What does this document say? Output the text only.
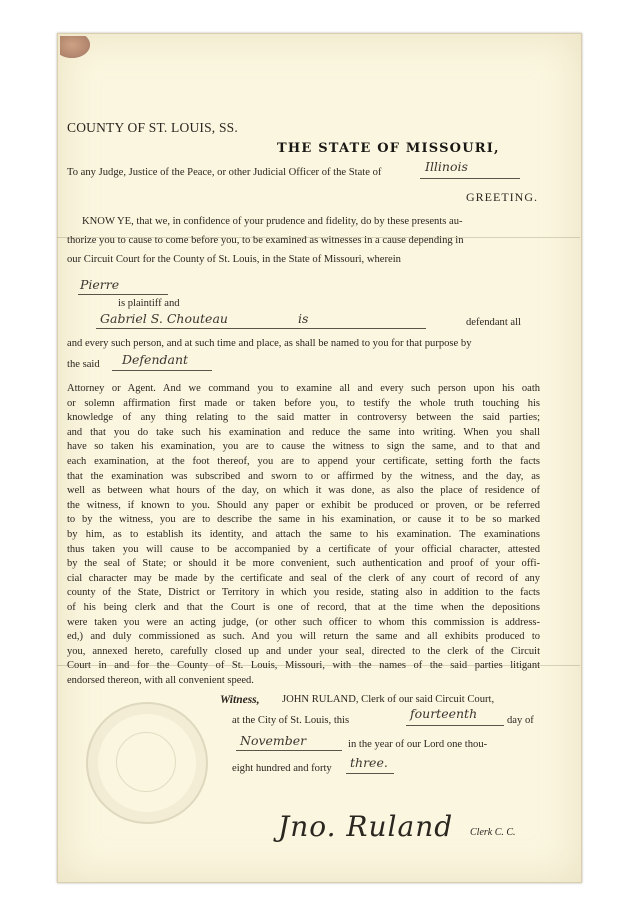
COUNTY OF ST. LOUIS, SS.
THE STATE OF MISSOURI,
To any Judge, Justice of the Peace, or other Judicial Officer of the State of	Illinois
GREETING.
KNOW YE, that we, in confidence of your prudence and fidelity, do by these presents au-
thorize you to cause to come before you, to be examined as witnesses in a cause depending in
our Circuit Court for the County of St. Louis, in the State of Missouri, wherein
Pierre
is plaintiff and
Gabriel S. Chouteau	is	defendant all
and every such person, and at such time and place, as shall be named to you for that purpose by
the said Defendant
Attorney or Agent. And we command you to examine all and every such person upon his oath
or solemn affirmation first made or taken before you, to testify the whole truth touching his
knowledge of any thing relating to the said matter in controversy between the said parties;
and that you do take such his examination and reduce the same into writing. When you shall
have so taken his examination, you are to cause the witness to sign the same, and to that and
each examination, at the foot thereof, you are to append your certificate, setting forth the facts
that the examination was subscribed and sworn to or affirmed by the witness, and the day, as
well as between what hours of the day, on which it was done, as also the place of residence of
the witness, if known to you. Should any paper or exhibit be produced or proven, or be referred
to by the witness, you are to describe the same in his examination, or cause it to be so marked
by him, as to establish its identity, and attach the same to his examination. The examinations
thus taken you will cause to be accompanied by a certificate of your official character, attested
by the seal of State; or should it be more convenient, such authentication and proof of your offi-
cial character may be made by the certificate and seal of the clerk of any court of record of any
county of the State, District or Territory in which you reside, stating also in addition to the facts
of his being clerk and that the Court is one of record, that at the time when the depositions
were taken you were an acting judge, (or other such officer to whom this commission is address-
ed,) and duly commissioned as such. And you will return the same and all exhibits produced to
you, annexed hereto, carefully closed up and under your seal, directed to the clerk of the Circuit
Court in and for the County of St. Louis, Missouri, with the names of the said parties litigant
endorsed thereon, with all convenient speed.
Witness, JOHN RULAND, Clerk of our said Circuit Court,
at the City of St. Louis, this	fourteenth	day of
November	in the year of our Lord one thou-
eight hundred and forty three.
Jno. Ruland Clerk C. C.
